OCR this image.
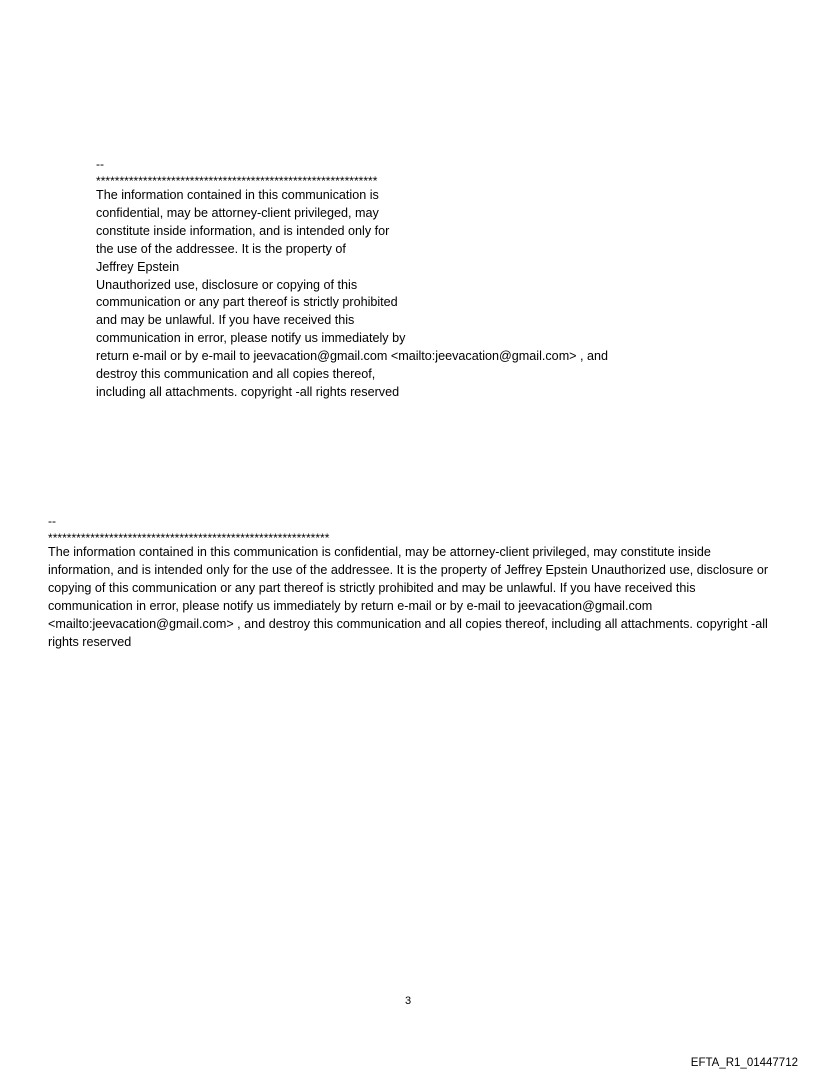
--
************************************************************
The information contained in this communication is
confidential, may be attorney-client privileged, may
constitute inside information, and is intended only for
the use of the addressee. It is the property of
Jeffrey Epstein
Unauthorized use, disclosure or copying of this
communication or any part thereof is strictly prohibited
and may be unlawful. If you have received this
communication in error, please notify us immediately by
return e-mail or by e-mail to jeevacation@gmail.com <mailto:jeevacation@gmail.com> , and
destroy this communication and all copies thereof,
including all attachments. copyright -all rights reserved
--
************************************************************
The information contained in this communication is confidential, may be attorney-client privileged, may constitute inside information, and is intended only for the use of the addressee. It is the property of Jeffrey Epstein Unauthorized use, disclosure or copying of this communication or any part thereof is strictly prohibited and may be unlawful. If you have received this communication in error, please notify us immediately by return e-mail or by e-mail to jeevacation@gmail.com <mailto:jeevacation@gmail.com> , and destroy this communication and all copies thereof, including all attachments. copyright -all rights reserved
3
EFTA_R1_01447712
